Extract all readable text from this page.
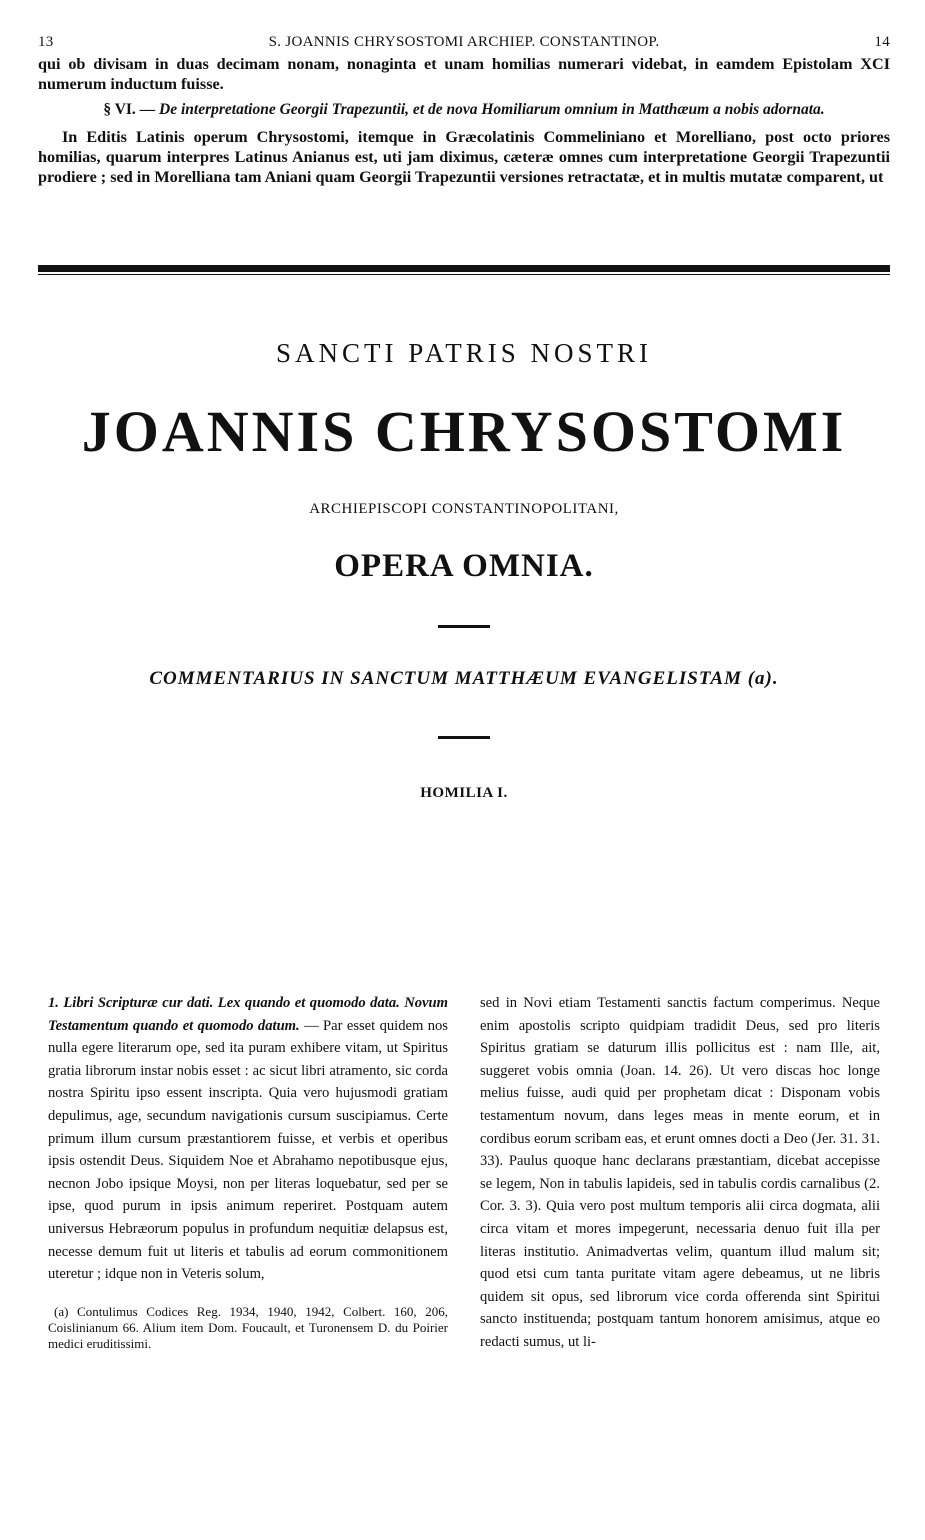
13	S. JOANNIS CHRYSOSTOMI ARCHIEP. CONSTANTINOP.	14

qui ob divisam in duas decimam nonam, nonaginta et unam homilias numerari videbat, in eamdem Epistolam XCI numerum inductum fuisse.

§ VI. — De interpretatione Georgii Trapezuntii, et de nova Homiliarum omnium in Matthæum a nobis adornata.

In Editis Latinis operum Chrysostomi, itemque in Græcolatinis Commeliniano et Morelliano, post octo priores homilias, quarum interpres Latinus Anianus est, uti jam diximus, cæteræ omnes cum interpretatione Georgii Trapezuntii prodiere ; sed in Morelliana tam Aniani quam Georgii Trapezuntii versiones retractatæ, et in multis mutatæ comparent, ut

SANCTI PATRIS NOSTRI
JOANNIS CHRYSOSTOMI
ARCHIEPISCOPI CONSTANTINOPOLITANI,
OPERA OMNIA.
COMMENTARIUS IN SANCTUM MATTHÆUM EVANGELISTAM (a).
HOMILIA I.

1. Libri Scripturæ cur dati. Lex quando et quomodo data. Novum Testamentum quando et quomodo datum. — Par esset quidem nos nulla egere literarum ope, sed ita puram exhibere vitam, ut Spiritus gratia librorum instar nobis esset : ac sicut libri atramento, sic corda nostra Spiritu ipso essent inscripta. Quia vero hujusmodi gratiam depulimus, age, secundum navigationis cursum suscipiamus. Certe primum illum cursum præstantiorem fuisse, et verbis et operibus ipsis ostendit Deus. Siquidem Noe et Abrahamo nepotibusque ejus, necnon Jobo ipsique Moysi, non per literas loquebatur, sed per se ipse, quod purum in ipsis animum reperiret. Postquam autem universus Hebræorum populus in profundum nequitiæ delapsus est, necesse demum fuit ut literis et tabulis ad eorum commonitionem uteretur ; idque non in Veteris solum,

(a) Contulimus Codices Reg. 1934, 1940, 1942, Colbert. 160, 206, Coislinianum 66. Alium item Dom. Foucault, et Turonensem D. du Poirier medici eruditissimi.

sed in Novi etiam Testamenti sanctis factum comperimus. Neque enim apostolis scripto quidpiam tradidit Deus, sed pro literis Spiritus gratiam se daturum illis pollicitus est : nam Ille, ait, suggeret vobis omnia (Joan. 14. 26). Ut vero discas hoc longe melius fuisse, audi quid per prophetam dicat : Disponam vobis testamentum novum, dans leges meas in mente eorum, et in cordibus eorum scribam eas, et erunt omnes docti a Deo (Jer. 31. 31. 33). Paulus quoque hanc declarans præstantiam, dicebat accepisse se legem, Non in tabulis lapideis, sed in tabulis cordis carnalibus (2. Cor. 3. 3). Quia vero post multum temporis alii circa dogmata, alii circa vitam et mores impegerunt, necessaria denuo fuit illa per literas institutio. Animadvertas velim, quantum illud malum sit; quod etsi cum tanta puritate vitam agere debeamus, ut ne libris quidem sit opus, sed librorum vice corda offerenda sint Spiritui sancto instituenda; postquam tantum honorem amisimus, atque eo redacti sumus, ut li-
